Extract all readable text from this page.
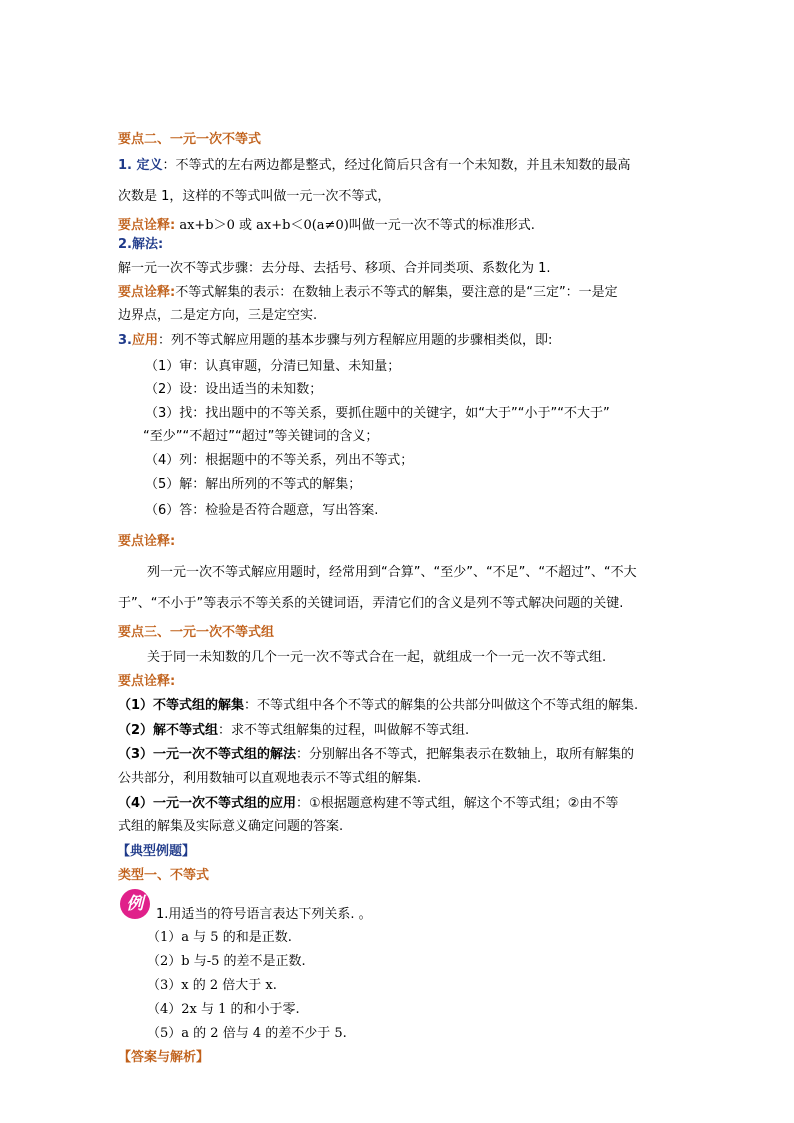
要点二、一元一次不等式
1. 定义：不等式的左右两边都是整式，经过化简后只含有一个未知数，并且未知数的最高
次数是 1，这样的不等式叫做一元一次不等式，
要点诠释: ax+b＞0 或 ax+b＜0(a≠0)叫做一元一次不等式的标准形式.
2.解法:
解一元一次不等式步骤：去分母、去括号、移项、合并同类项、系数化为 1.
要点诠释:不等式解集的表示：在数轴上表示不等式的解集，要注意的是“三定”：一是定
边界点，二是定方向，三是定空实.
3.应用：列不等式解应用题的基本步骤与列方程解应用题的步骤相类似，即:
（1）审：认真审题，分清已知量、未知量；
（2）设：设出适当的未知数；
（3）找：找出题中的不等关系，要抓住题中的关键字，如“大于”“小于”“不大于”
“至少”“不超过”“超过”等关键词的含义；
（4）列：根据题中的不等关系，列出不等式；
（5）解：解出所列的不等式的解集；
（6）答：检验是否符合题意，写出答案.
要点诠释:
列一元一次不等式解应用题时，经常用到“合算”、“至少”、“不足”、“不超过”、“不大
于”、“不小于”等表示不等关系的关键词语，弄清它们的含义是列不等式解决问题的关键.
要点三、一元一次不等式组
关于同一未知数的几个一元一次不等式合在一起，就组成一个一元一次不等式组.
要点诠释:
（1）不等式组的解集：不等式组中各个不等式的解集的公共部分叫做这个不等式组的解集.
（2）解不等式组：求不等式组解集的过程，叫做解不等式组.
（3）一元一次不等式组的解法：分别解出各不等式，把解集表示在数轴上，取所有解集的
公共部分，利用数轴可以直观地表示不等式组的解集.
（4）一元一次不等式组的应用：①根据题意构建不等式组，解这个不等式组；②由不等
式组的解集及实际意义确定问题的答案.
【典型例题】
类型一、不等式
例
1.用适当的符号语言表达下列关系. 。
（1）a 与 5 的和是正数.
（2）b 与-5 的差不是正数.
（3）x 的 2 倍大于 x.
（4）2x 与 1 的和小于零.
（5）a 的 2 倍与 4 的差不少于 5.
【答案与解析】
